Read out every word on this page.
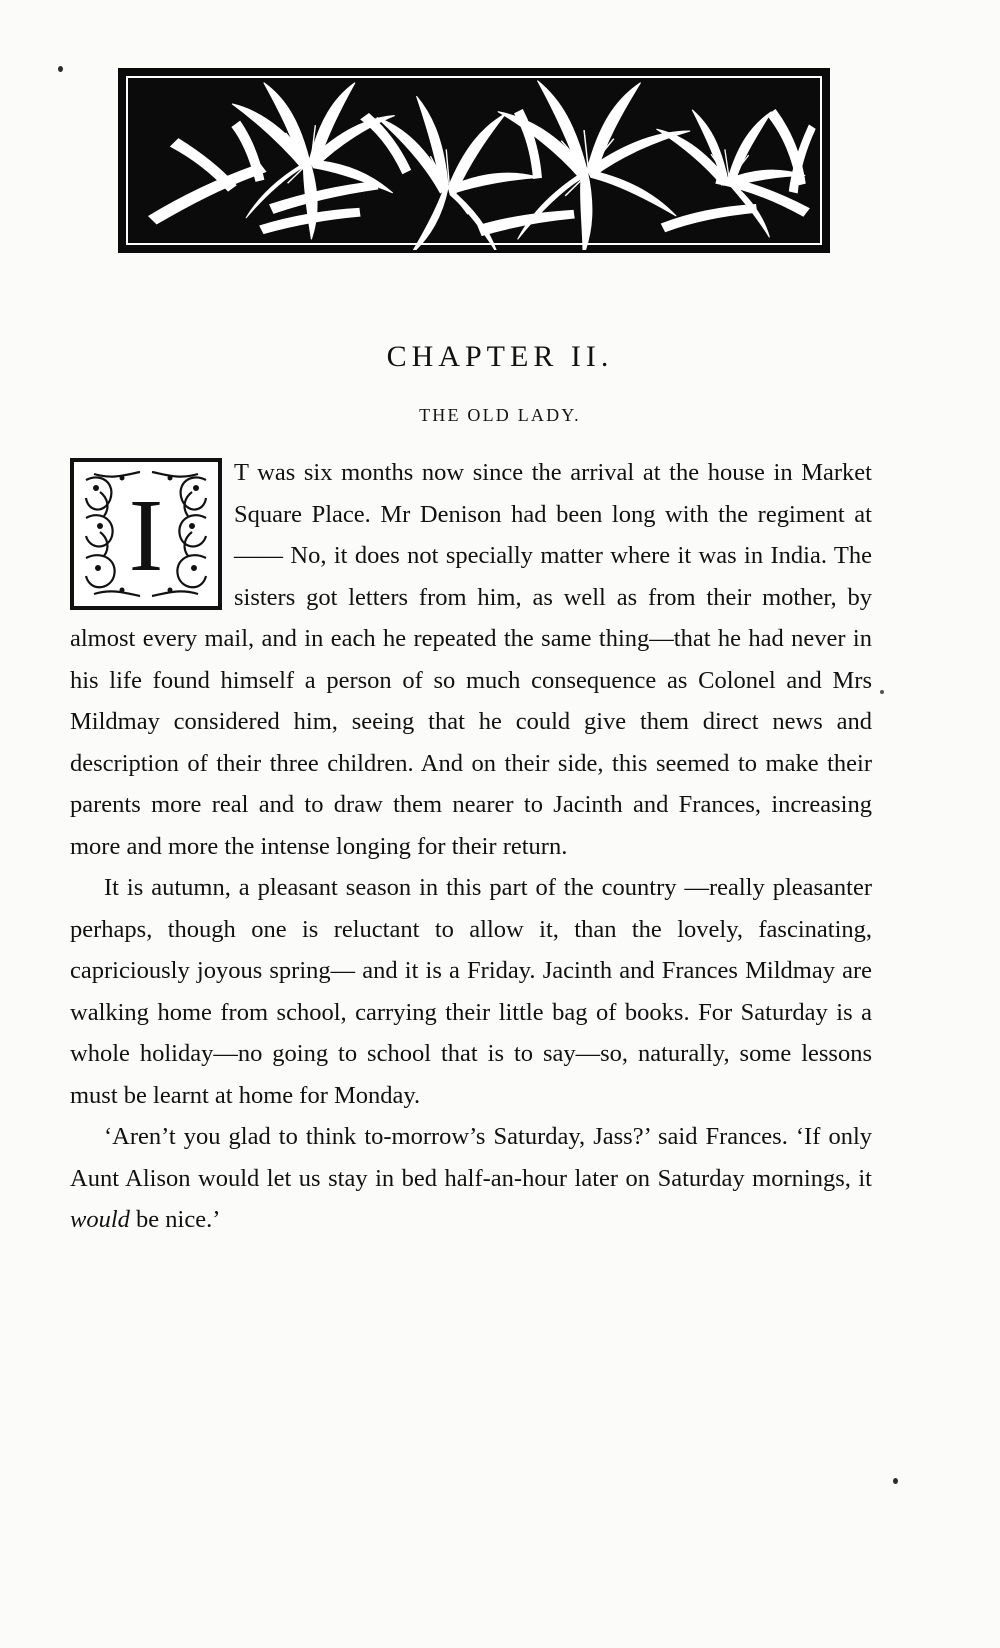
CHAPTER II.
THE OLD LADY.
I

T was six months now since the arrival at the house in Market Square Place. Mr Denison had been long with the regiment at—— No, it does not specially matter where it was in India. The sisters got letters from him, as well as from their mother, by almost every mail, and in each he repeated the same thing—that he had never in his life found himself a person of so much consequence as Colonel and Mrs Mildmay considered him, seeing that he could give them direct news and description of their three children. And on their side, this seemed to make their parents more real and to draw them nearer to Jacinth and Frances, increasing more and more the intense longing for their return.

It is autumn, a pleasant season in this part of the country —really pleasanter perhaps, though one is reluctant to allow it, than the lovely, fascinating, capriciously joyous spring— and it is a Friday. Jacinth and Frances Mildmay are walking home from school, carrying their little bag of books. For Saturday is a whole holiday—no going to school that is to say—so, naturally, some lessons must be learnt at home for Monday.

‘Aren’t you glad to think to-morrow’s Saturday, Jass?’ said Frances. ‘If only Aunt Alison would let us stay in bed half-an-hour later on Saturday mornings, it would be nice.’
